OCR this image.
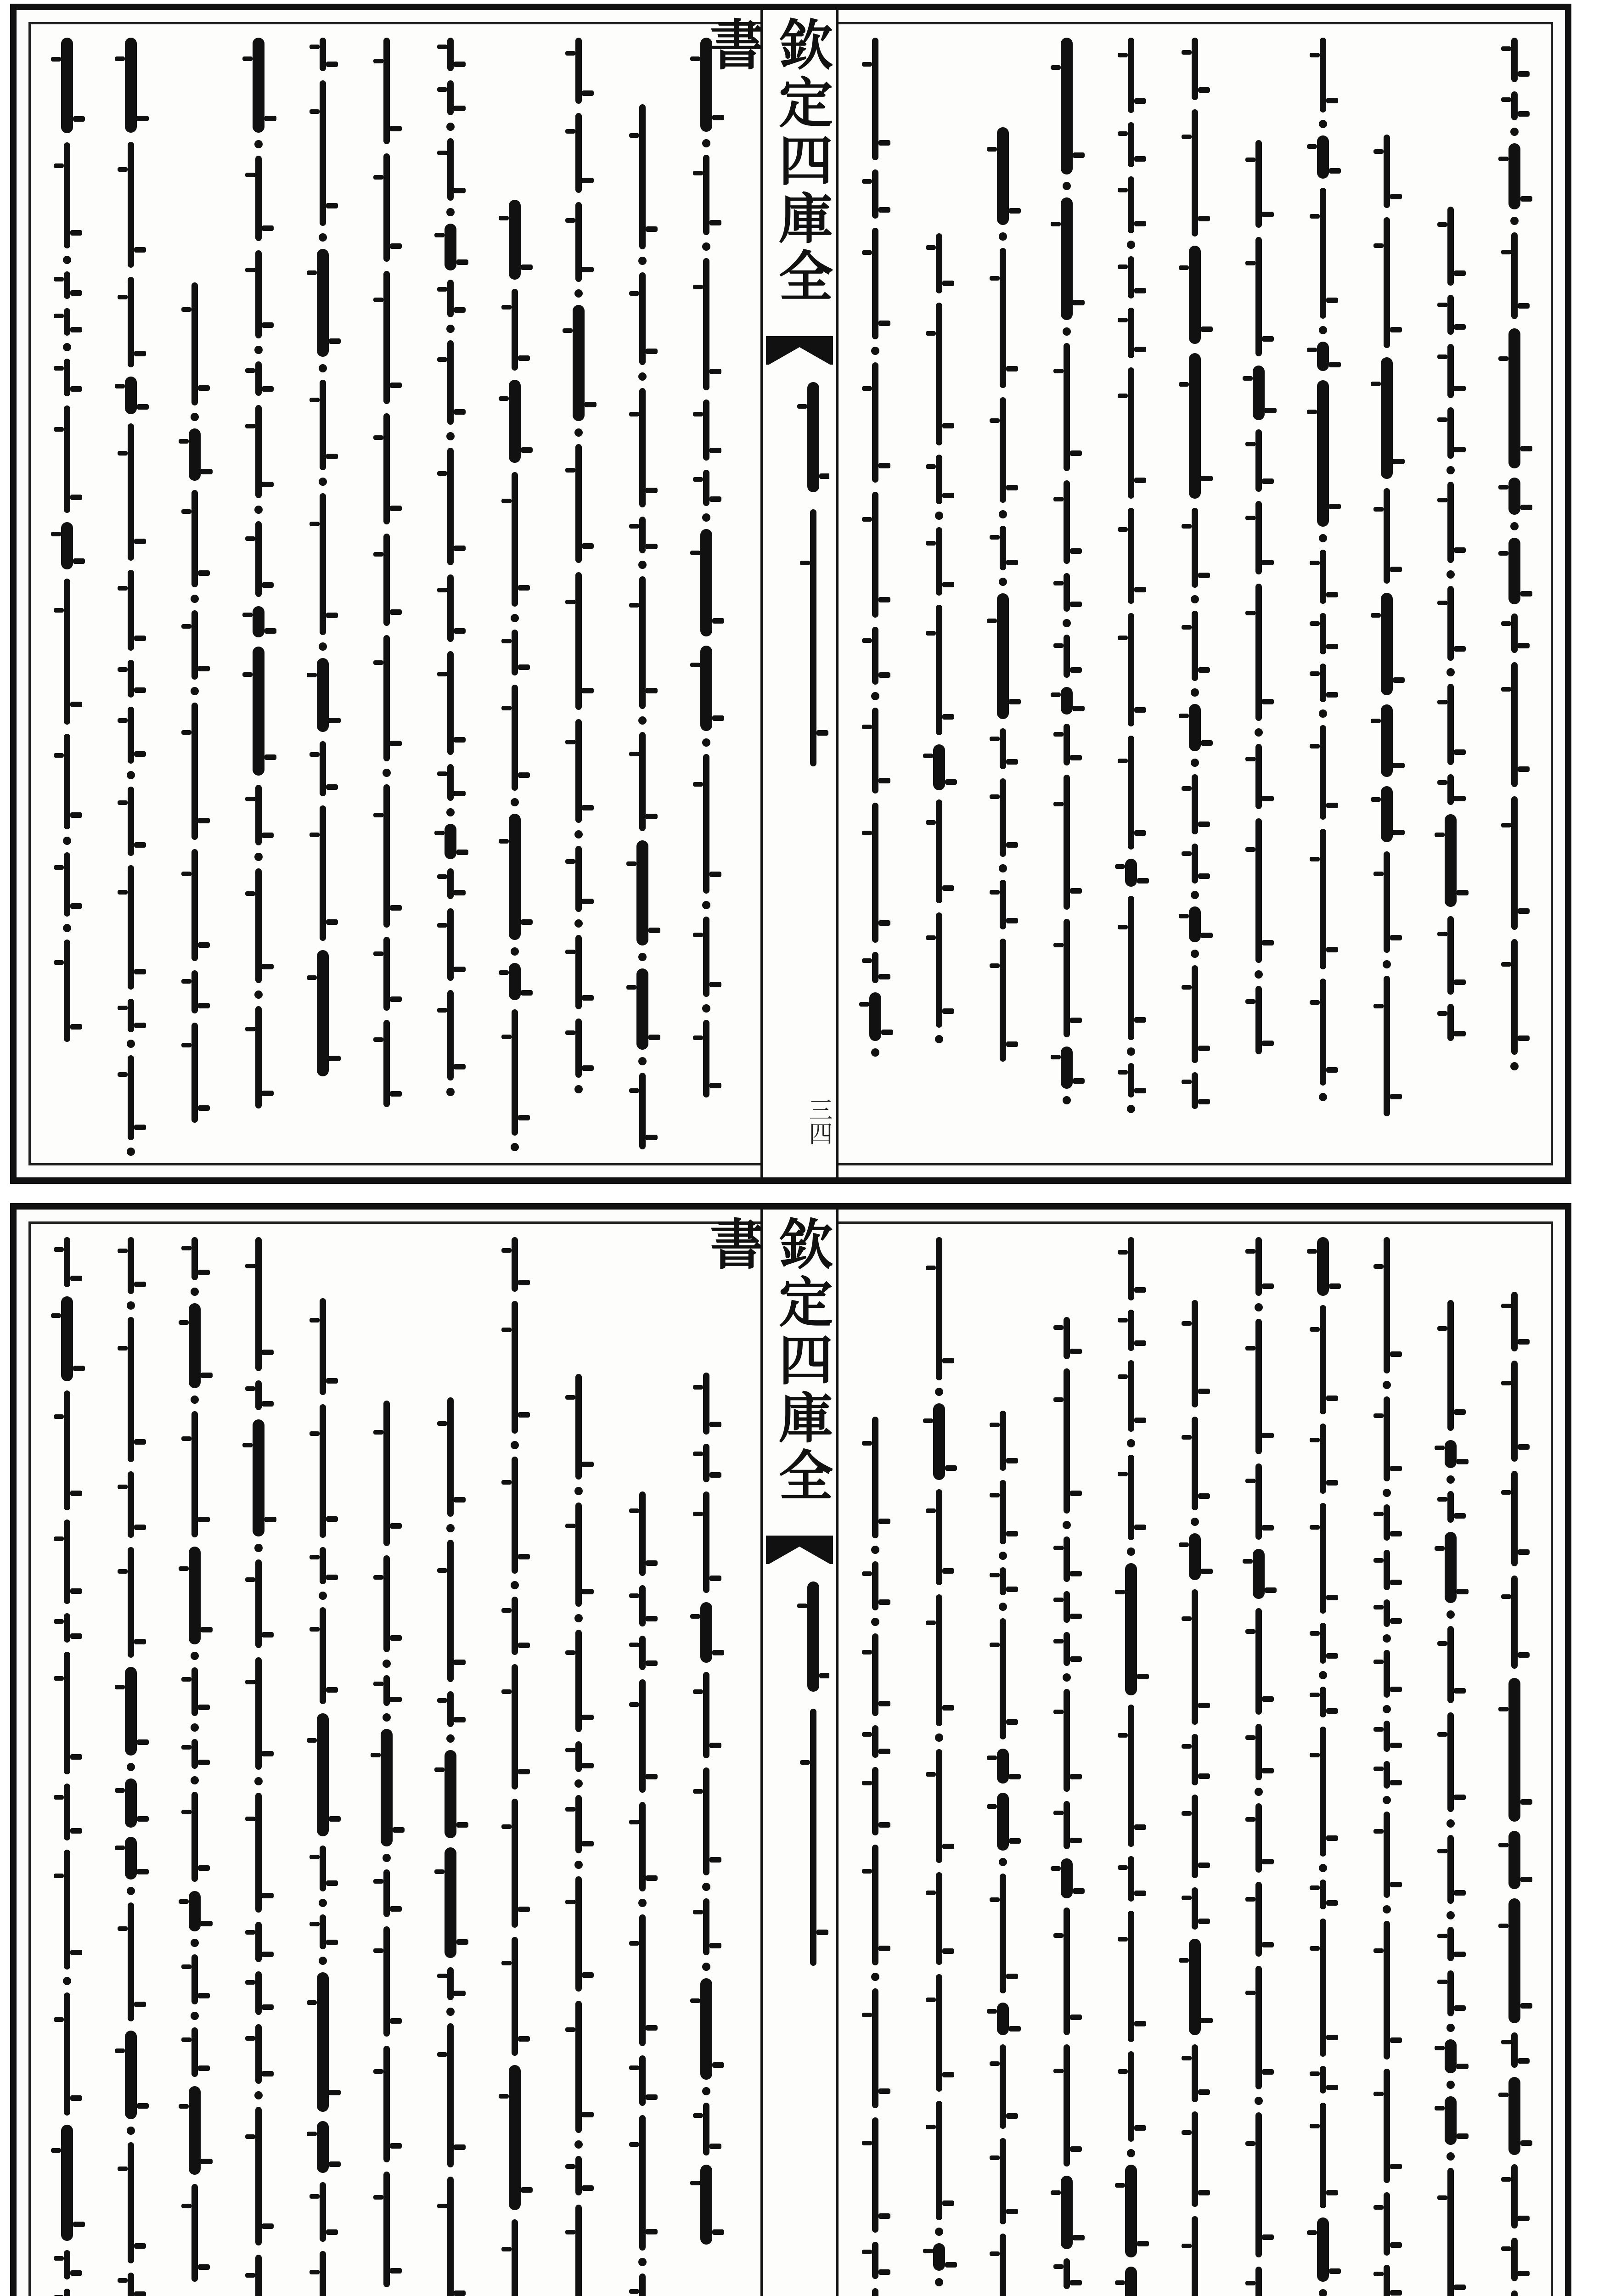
欽定四庫全書

三四
欽定四庫全書
